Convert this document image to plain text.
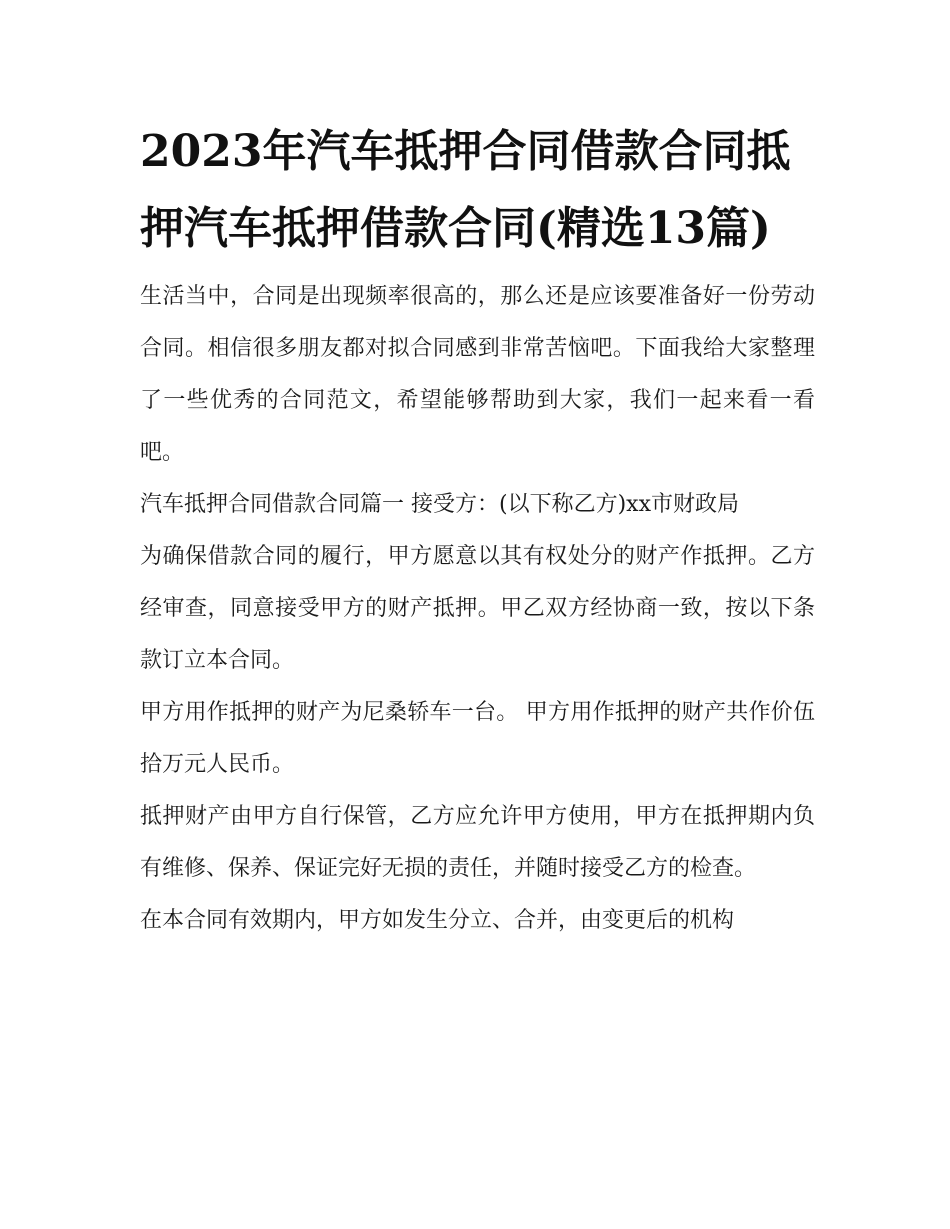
2023年汽车抵押合同借款合同抵押汽车抵押借款合同(精选13篇)

生活当中，合同是出现频率很高的，那么还是应该要准备好一份劳动合同。相信很多朋友都对拟合同感到非常苦恼吧。下面我给大家整理了一些优秀的合同范文，希望能够帮助到大家，我们一起来看一看吧。

汽车抵押合同借款合同篇一 接受方：(以下称乙方)xx市财政局

为确保借款合同的履行，甲方愿意以其有权处分的财产作抵押。乙方经审查，同意接受甲方的财产抵押。甲乙双方经协商一致，按以下条款订立本合同。

甲方用作抵押的财产为尼桑轿车一台。 甲方用作抵押的财产共作价伍拾万元人民币。

抵押财产由甲方自行保管，乙方应允许甲方使用，甲方在抵押期内负有维修、保养、保证完好无损的责任，并随时接受乙方的检查。

在本合同有效期内，甲方如发生分立、合并，由变更后的机构
